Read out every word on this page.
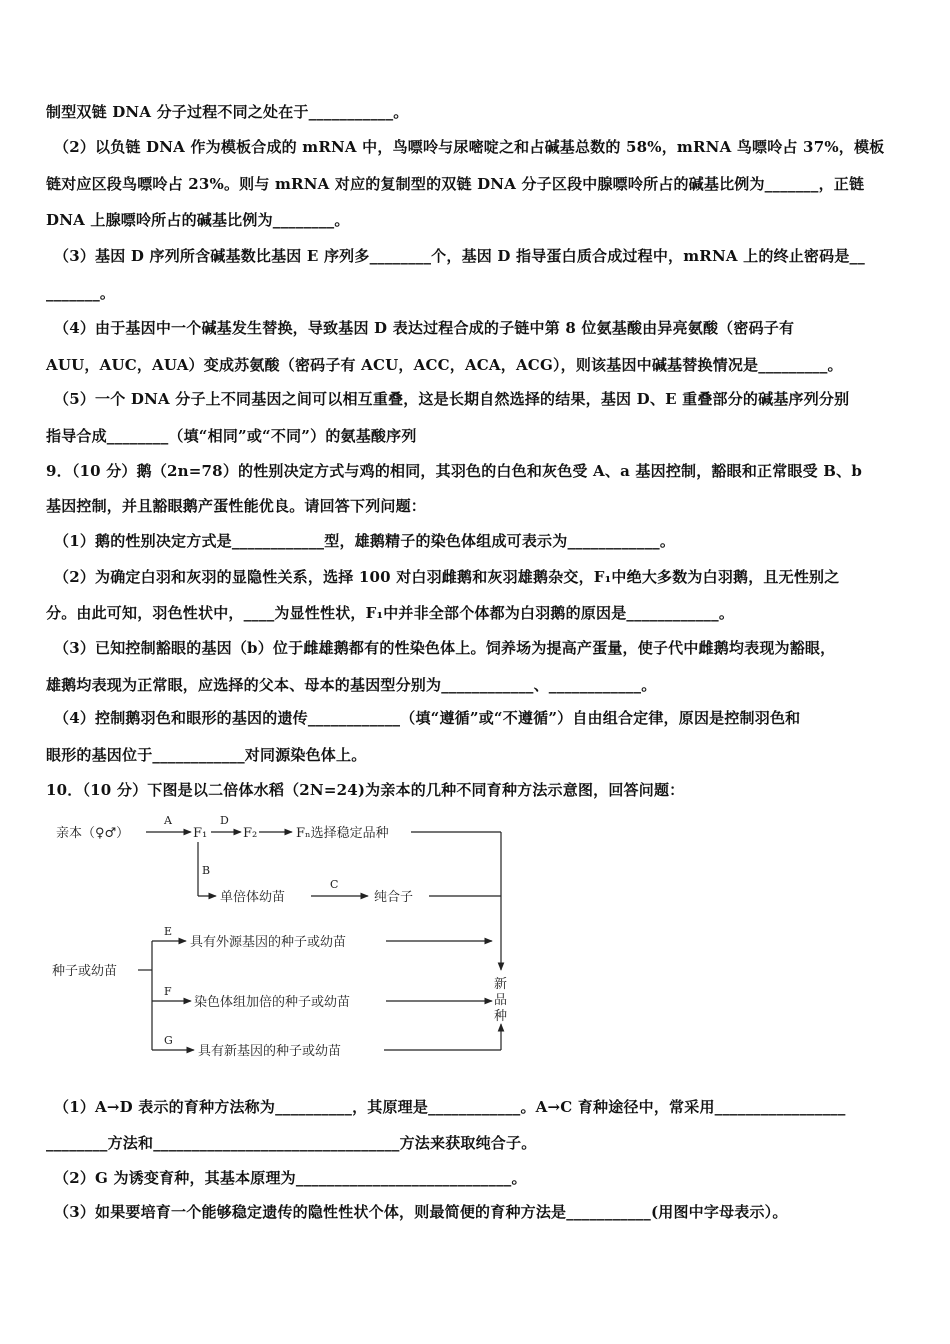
制型双链 DNA 分子过程不同之处在于___________。
（2）以负链 DNA 作为模板合成的 mRNA 中，鸟嘌呤与尿嘧啶之和占碱基总数的 58%，mRNA 鸟嘌呤占 37%，模板
链对应区段鸟嘌呤占 23%。则与 mRNA 对应的复制型的双链 DNA 分子区段中腺嘌呤所占的碱基比例为_______，正链
DNA 上腺嘌呤所占的碱基比例为________。
（3）基因 D 序列所含碱基数比基因 E 序列多________个，基因 D 指导蛋白质合成过程中，mRNA 上的终止密码是__
_______。
（4）由于基因中一个碱基发生替换，导致基因 D 表达过程合成的子链中第 8 位氨基酸由异亮氨酸（密码子有
AUU，AUC，AUA）变成苏氨酸（密码子有 ACU，ACC，ACA，ACG），则该基因中碱基替换情况是_________。
（5）一个 DNA 分子上不同基因之间可以相互重叠，这是长期自然选择的结果，基因 D、E 重叠部分的碱基序列分别
指导合成________（填“相同”或“不同”）的氨基酸序列
9．（10 分）鹅（2n=78）的性别决定方式与鸡的相同，其羽色的白色和灰色受 A、a 基因控制，豁眼和正常眼受 B、b
基因控制，并且豁眼鹅产蛋性能优良。请回答下列问题：
（1）鹅的性别决定方式是____________型，雄鹅精子的染色体组成可表示为____________。
（2）为确定白羽和灰羽的显隐性关系，选择 100 对白羽雌鹅和灰羽雄鹅杂交，F₁中绝大多数为白羽鹅，且无性别之
分。由此可知，羽色性状中，____为显性性状，F₁中并非全部个体都为白羽鹅的原因是____________。
（3）已知控制豁眼的基因（b）位于雌雄鹅都有的性染色体上。饲养场为提高产蛋量，使子代中雌鹅均表现为豁眼，
雄鹅均表现为正常眼，应选择的父本、母本的基因型分别为____________、____________。
（4）控制鹅羽色和眼形的基因的遗传____________（填“遵循”或“不遵循”）自由组合定律，原因是控制羽色和
眼形的基因位于____________对同源染色体上。
10．（10 分）下图是以二倍体水稻（2N=24)为亲本的几种不同育种方法示意图，回答问题：
亲本（♀♂）	F₁	F₂	Fₙ选择稳定品种
A	D
B
单倍体幼苗
C
纯合子
种子或幼苗
E
具有外源基因的种子或幼苗
F
染色体组加倍的种子或幼苗
G
具有新基因的种子或幼苗
新
品
种
（1）A→D 表示的育种方法称为__________，其原理是____________。A→C 育种途径中，常采用_________________
________方法和________________________________方法来获取纯合子。
（2）G 为诱变育种，其基本原理为____________________________。
（3）如果要培育一个能够稳定遗传的隐性性状个体，则最简便的育种方法是___________(用图中字母表示）。
